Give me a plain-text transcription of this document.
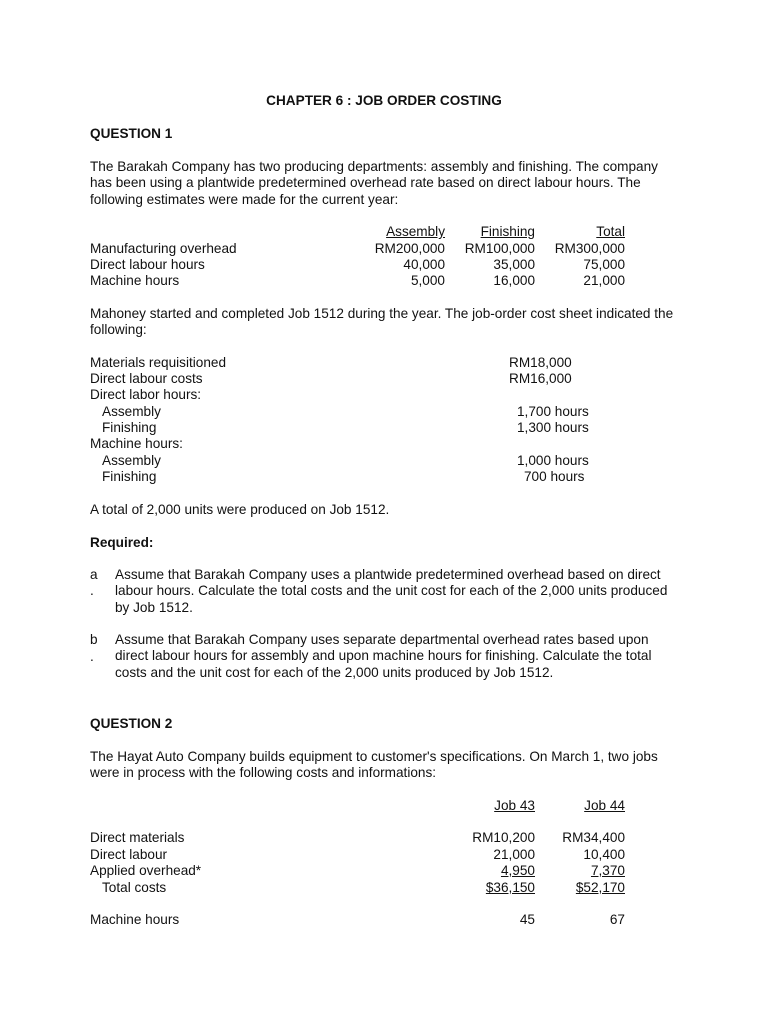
CHAPTER 6 : JOB ORDER COSTING
QUESTION 1
The Barakah Company has two producing departments: assembly and finishing. The company has been using a plantwide predetermined overhead rate based on direct labour hours. The following estimates were made for the current year:
Assembly	Finishing	Total
Manufacturing overhead	RM200,000	RM100,000	RM300,000
Direct labour hours	40,000	35,000	75,000
Machine hours	5,000	16,000	21,000
Mahoney started and completed Job 1512 during the year. The job-order cost sheet indicated the following:
Materials requisitioned	RM18,000
Direct labour costs	RM16,000
Direct labor hours:
Assembly	1,700 hours
Finishing	1,300 hours
Machine hours:
Assembly	1,000 hours
Finishing	700 hours
A total of 2,000 units were produced on Job 1512.
Required:
a
.
Assume that Barakah Company uses a plantwide predetermined overhead based on direct labour hours. Calculate the total costs and the unit cost for each of the 2,000 units produced by Job 1512.
b
.
Assume that Barakah Company uses separate departmental overhead rates based upon direct labour hours for assembly and upon machine hours for finishing. Calculate the total costs and the unit cost for each of the 2,000 units produced by Job 1512.
QUESTION 2
The Hayat Auto Company builds equipment to customer's specifications. On March 1, two jobs were in process with the following costs and informations:
Job 43	Job 44
Direct materials	RM10,200	RM34,400
Direct labour	21,000	10,400
Applied overhead*	4,950	7,370
Total costs	$36,150	$52,170
Machine hours	45	67
